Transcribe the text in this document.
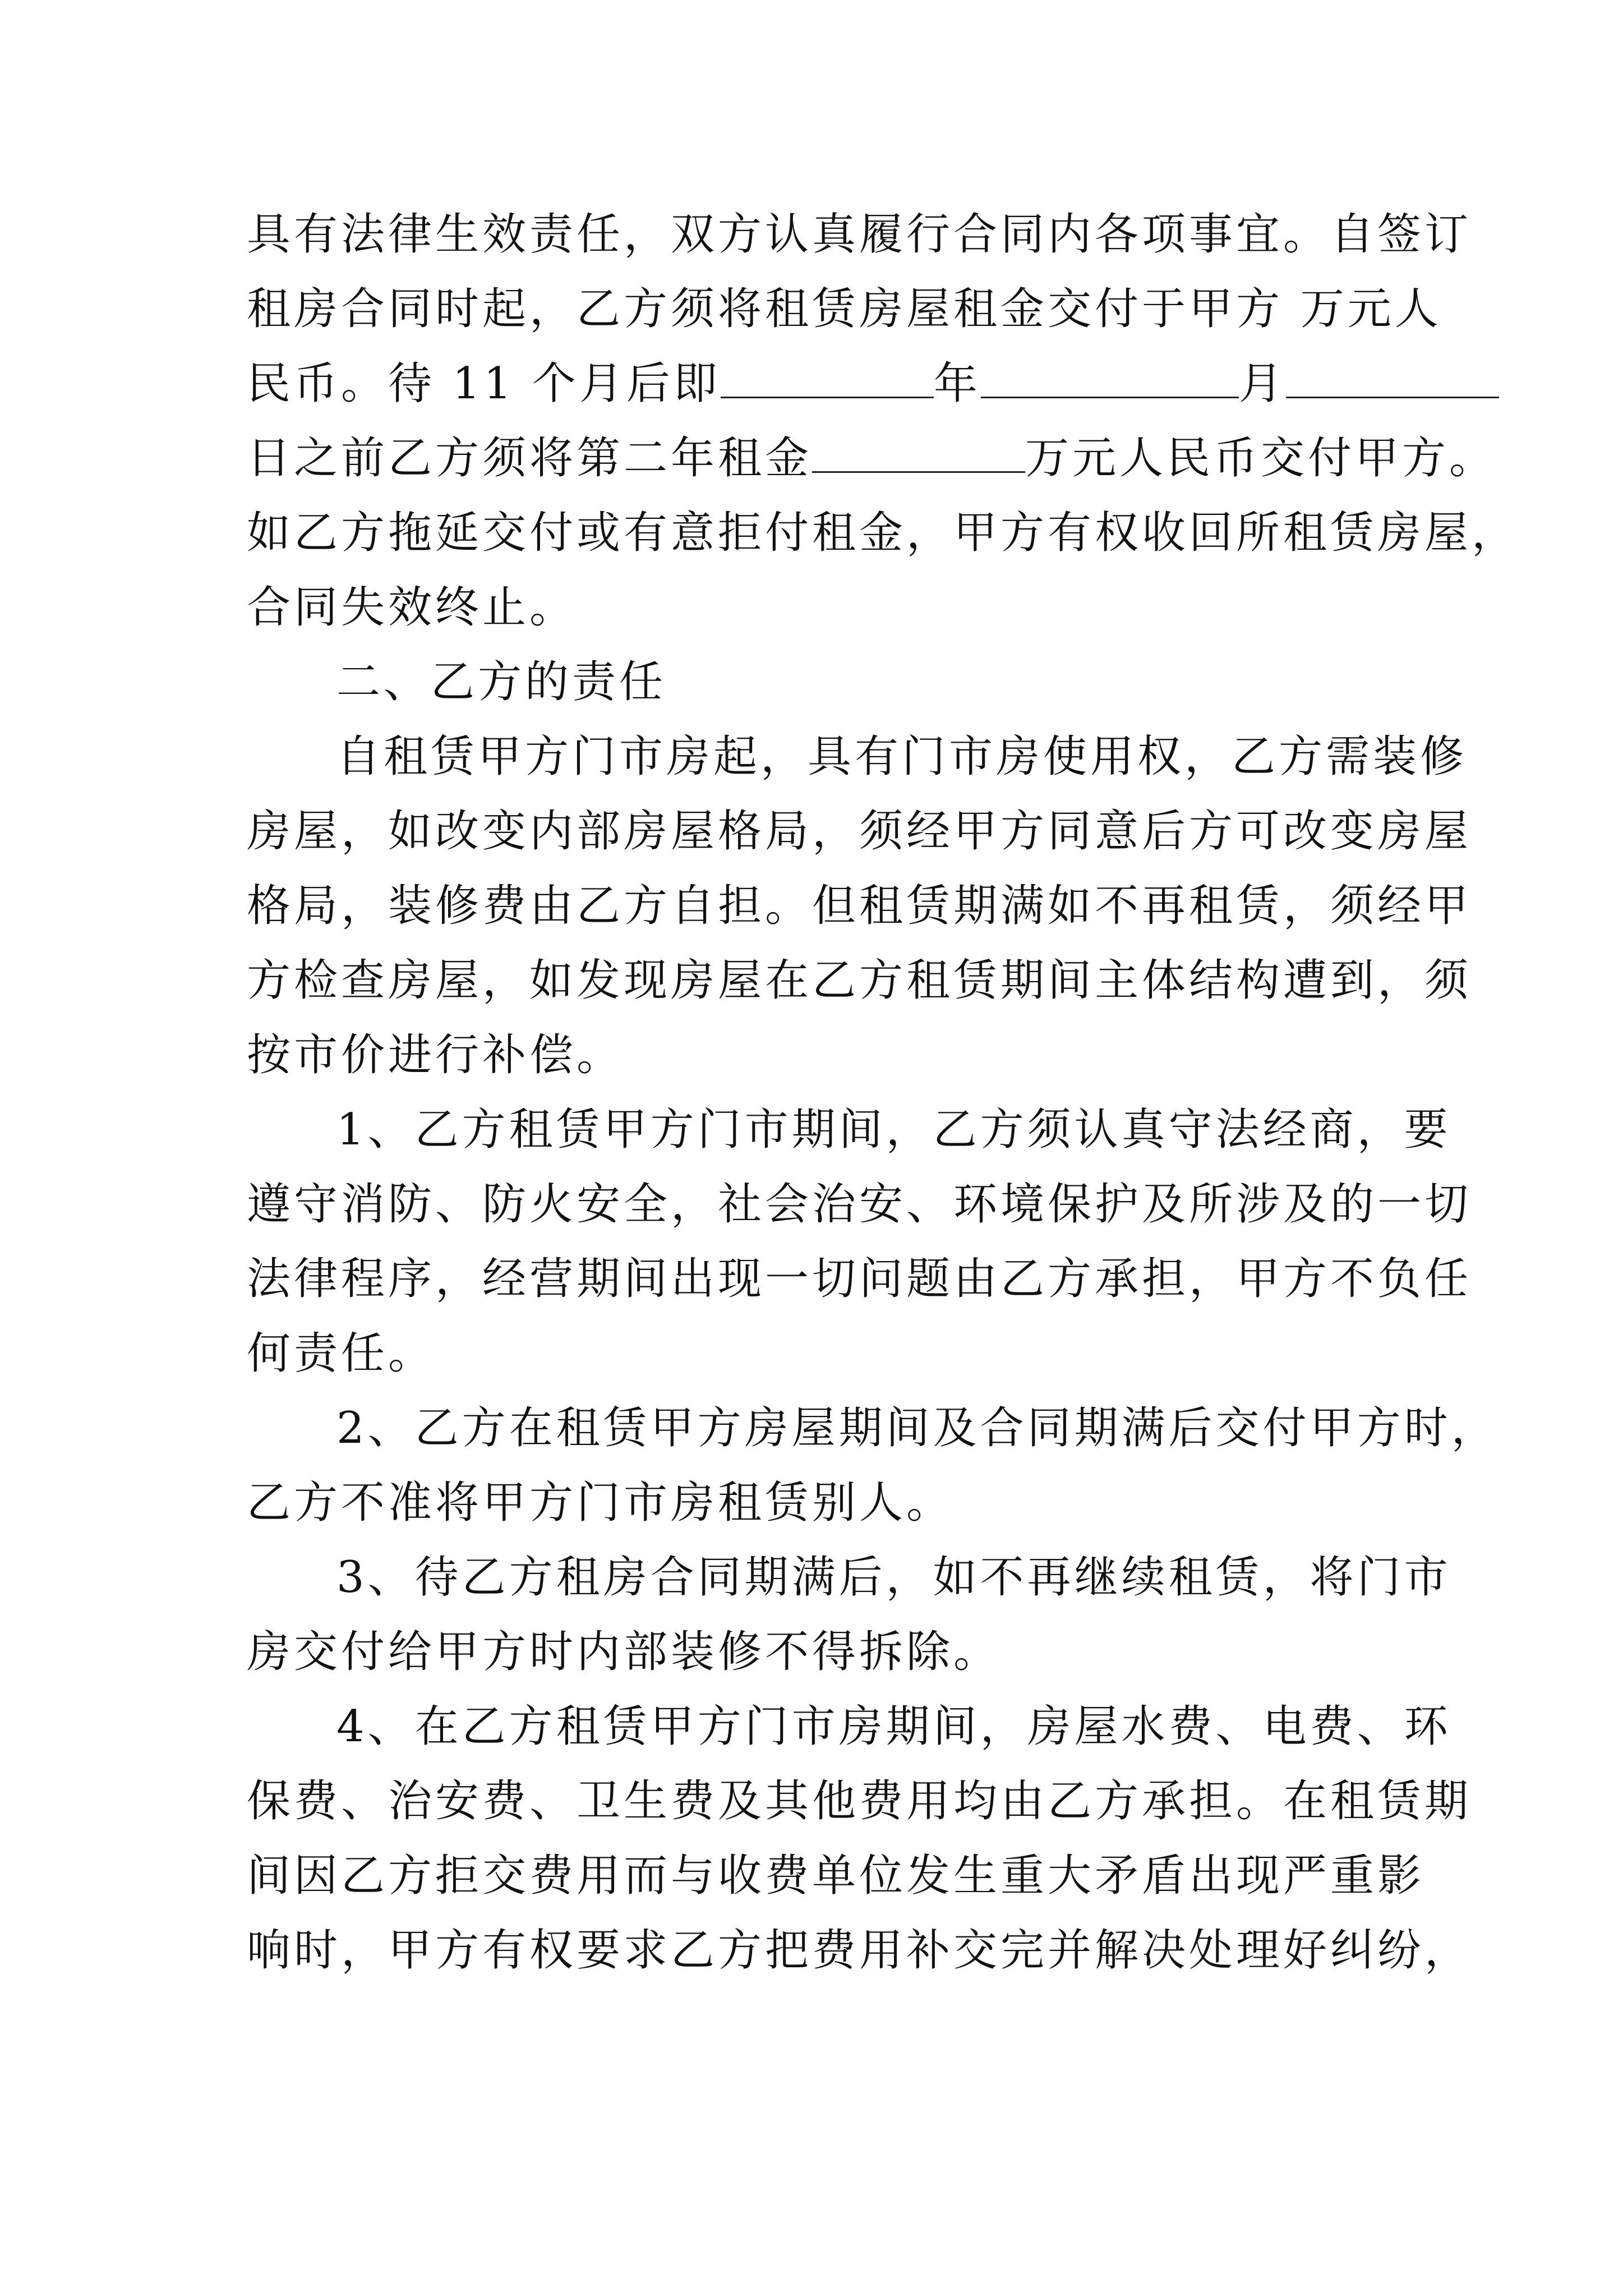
具有法律生效责任，双方认真履行合同内各项事宜。自签订
租房合同时起，乙方须将租赁房屋租金交付于甲方 万元人
民币。待 11 个月后即	年	月
日之前乙方须将第二年租金	万元人民币交付甲方。
如乙方拖延交付或有意拒付租金，甲方有权收回所租赁房屋，
合同失效终止。
二、乙方的责任
自租赁甲方门市房起，具有门市房使用权，乙方需装修
房屋，如改变内部房屋格局，须经甲方同意后方可改变房屋
格局，装修费由乙方自担。但租赁期满如不再租赁，须经甲
方检查房屋，如发现房屋在乙方租赁期间主体结构遭到，须
按市价进行补偿。
1、乙方租赁甲方门市期间，乙方须认真守法经商，要
遵守消防、防火安全，社会治安、环境保护及所涉及的一切
法律程序，经营期间出现一切问题由乙方承担，甲方不负任
何责任。
2、乙方在租赁甲方房屋期间及合同期满后交付甲方时，
乙方不准将甲方门市房租赁别人。
3、待乙方租房合同期满后，如不再继续租赁，将门市
房交付给甲方时内部装修不得拆除。
4、在乙方租赁甲方门市房期间，房屋水费、电费、环
保费、治安费、卫生费及其他费用均由乙方承担。在租赁期
间因乙方拒交费用而与收费单位发生重大矛盾出现严重影
响时，甲方有权要求乙方把费用补交完并解决处理好纠纷，
